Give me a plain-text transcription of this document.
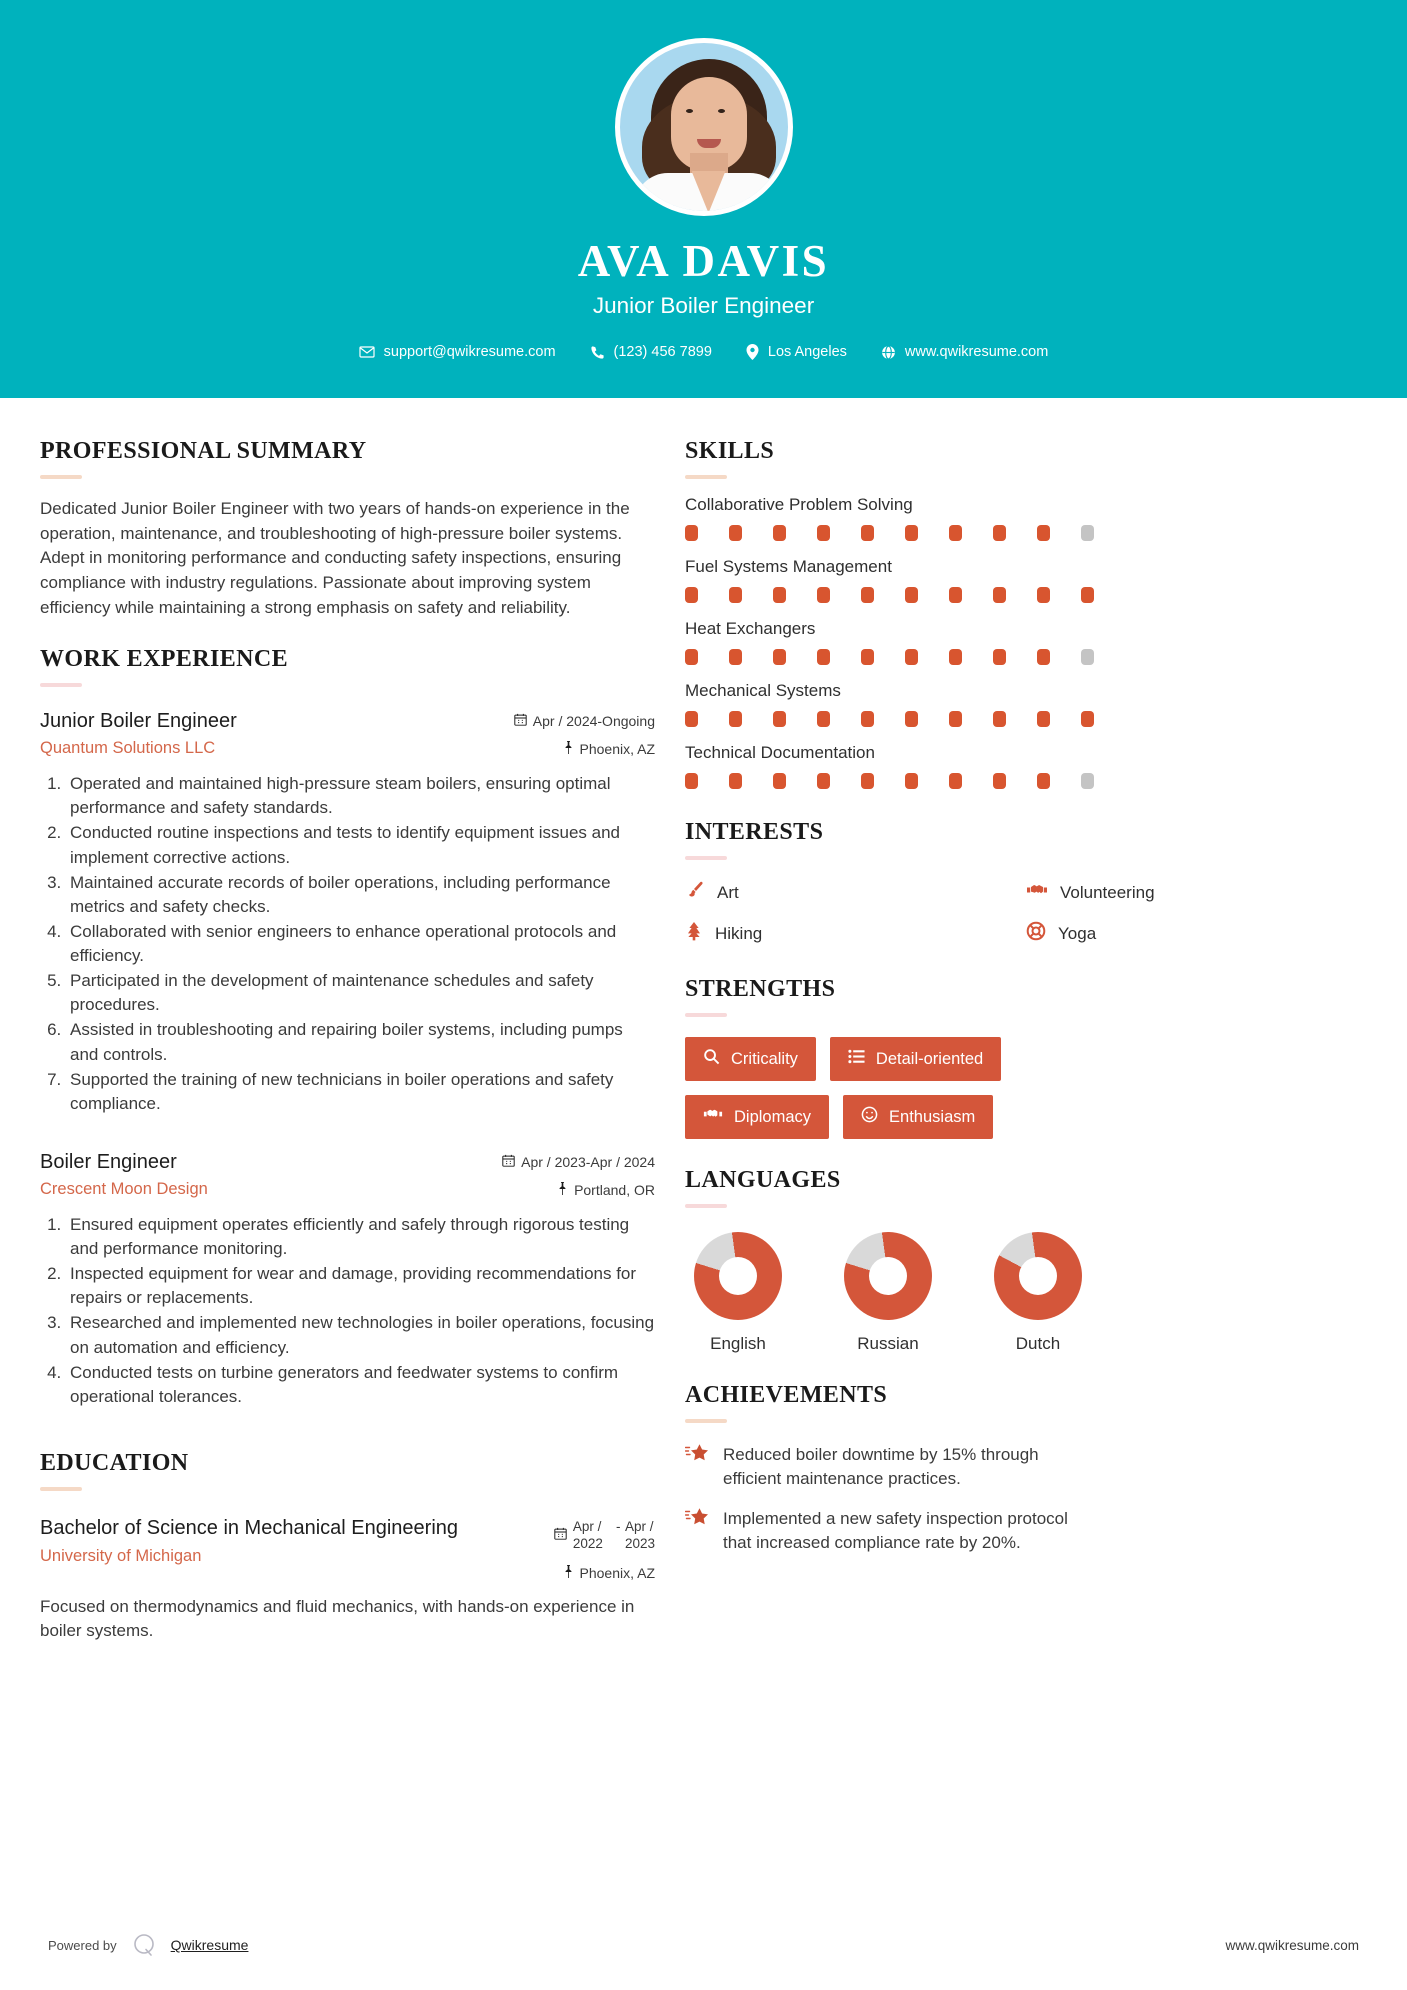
AVA DAVIS
Junior Boiler Engineer
support@qwikresume.com	(123) 456 7899	Los Angeles	www.qwikresume.com
PROFESSIONAL SUMMARY

Dedicated Junior Boiler Engineer with two years of hands-on experience in the operation, maintenance, and troubleshooting of high-pressure boiler systems. Adept in monitoring performance and conducting safety inspections, ensuring compliance with industry regulations. Passionate about improving system efficiency while maintaining a strong emphasis on safety and reliability.

WORK EXPERIENCE
Junior Boiler Engineer
Quantum Solutions LLC
Apr / 2024-Ongoing
Phoenix, AZ
1. Operated and maintained high-pressure steam boilers, ensuring optimal performance and safety standards.
2. Conducted routine inspections and tests to identify equipment issues and implement corrective actions.
3. Maintained accurate records of boiler operations, including performance metrics and safety checks.
4. Collaborated with senior engineers to enhance operational protocols and efficiency.
5. Participated in the development of maintenance schedules and safety procedures.
6. Assisted in troubleshooting and repairing boiler systems, including pumps and controls.
7. Supported the training of new technicians in boiler operations and safety compliance.
Boiler Engineer
Crescent Moon Design
Apr / 2023-Apr / 2024
Portland, OR
1. Ensured equipment operates efficiently and safely through rigorous testing and performance monitoring.
2. Inspected equipment for wear and damage, providing recommendations for repairs or replacements.
3. Researched and implemented new technologies in boiler operations, focusing on automation and efficiency.
4. Conducted tests on turbine generators and feedwater systems to confirm operational tolerances.
EDUCATION
Bachelor of Science in Mechanical Engineering
University of Michigan
Apr /
2022
- Apr /
2023
Phoenix, AZ

Focused on thermodynamics and fluid mechanics, with hands-on experience in boiler systems.

SKILLS
Collaborative Problem Solving
Fuel Systems Management
Heat Exchangers
Mechanical Systems
Technical Documentation
INTERESTS
Art	Volunteering
Hiking	Yoga
STRENGTHS
Criticality	Detail-oriented
Diplomacy	Enthusiasm
LANGUAGES
English	Russian	Dutch
ACHIEVEMENTS
Reduced boiler downtime by 15% through efficient maintenance practices.
Implemented a new safety inspection protocol that increased compliance rate by 20%.
Powered by	Qwikresume	www.qwikresume.com
